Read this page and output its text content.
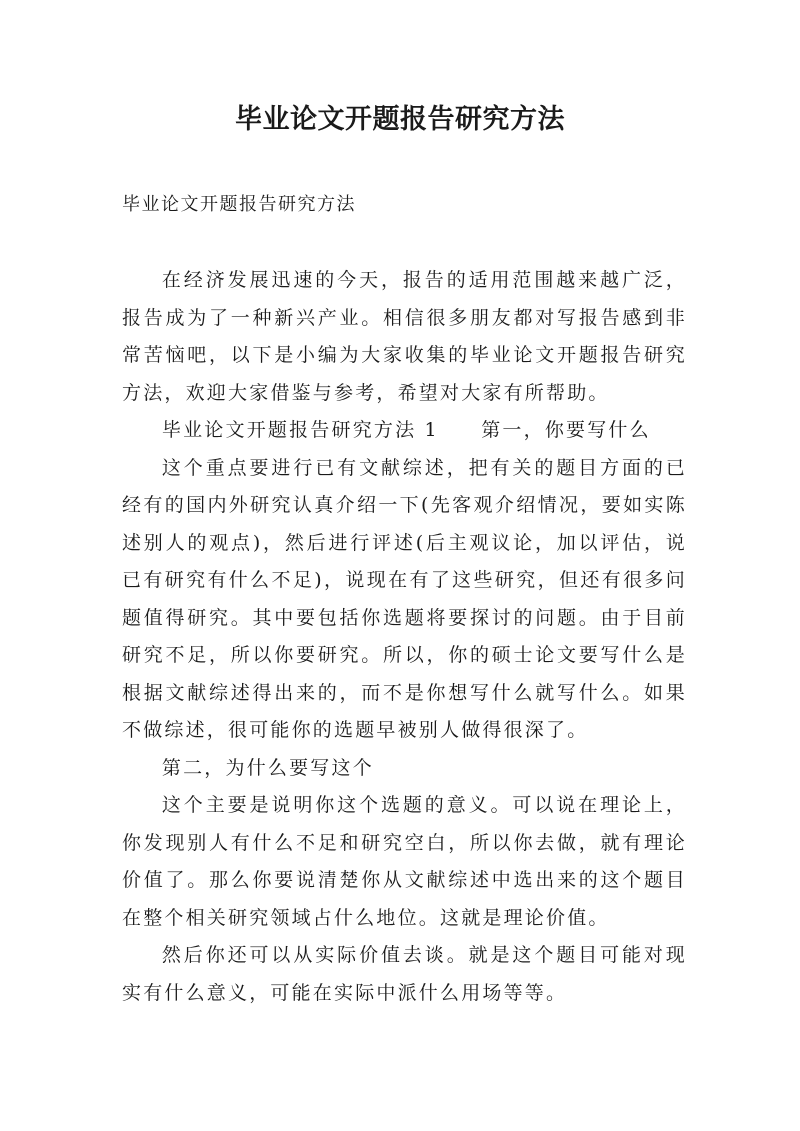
毕业论文开题报告研究方法
毕业论文开题报告研究方法

在经济发展迅速的今天，报告的适用范围越来越广泛，报告成为了一种新兴产业。相信很多朋友都对写报告感到非常苦恼吧，以下是小编为大家收集的毕业论文开题报告研究方法，欢迎大家借鉴与参考，希望对大家有所帮助。

毕业论文开题报告研究方法 1　　第一，你要写什么

这个重点要进行已有文献综述，把有关的题目方面的已经有的国内外研究认真介绍一下(先客观介绍情况，要如实陈述别人的观点)，然后进行评述(后主观议论，加以评估，说已有研究有什么不足)，说现在有了这些研究，但还有很多问题值得研究。其中要包括你选题将要探讨的问题。由于目前研究不足，所以你要研究。所以，你的硕士论文要写什么是根据文献综述得出来的，而不是你想写什么就写什么。如果不做综述，很可能你的选题早被别人做得很深了。

第二，为什么要写这个

这个主要是说明你这个选题的意义。可以说在理论上，你发现别人有什么不足和研究空白，所以你去做，就有理论价值了。那么你要说清楚你从文献综述中选出来的这个题目在整个相关研究领域占什么地位。这就是理论价值。

然后你还可以从实际价值去谈。就是这个题目可能对现实有什么意义，可能在实际中派什么用场等等。
